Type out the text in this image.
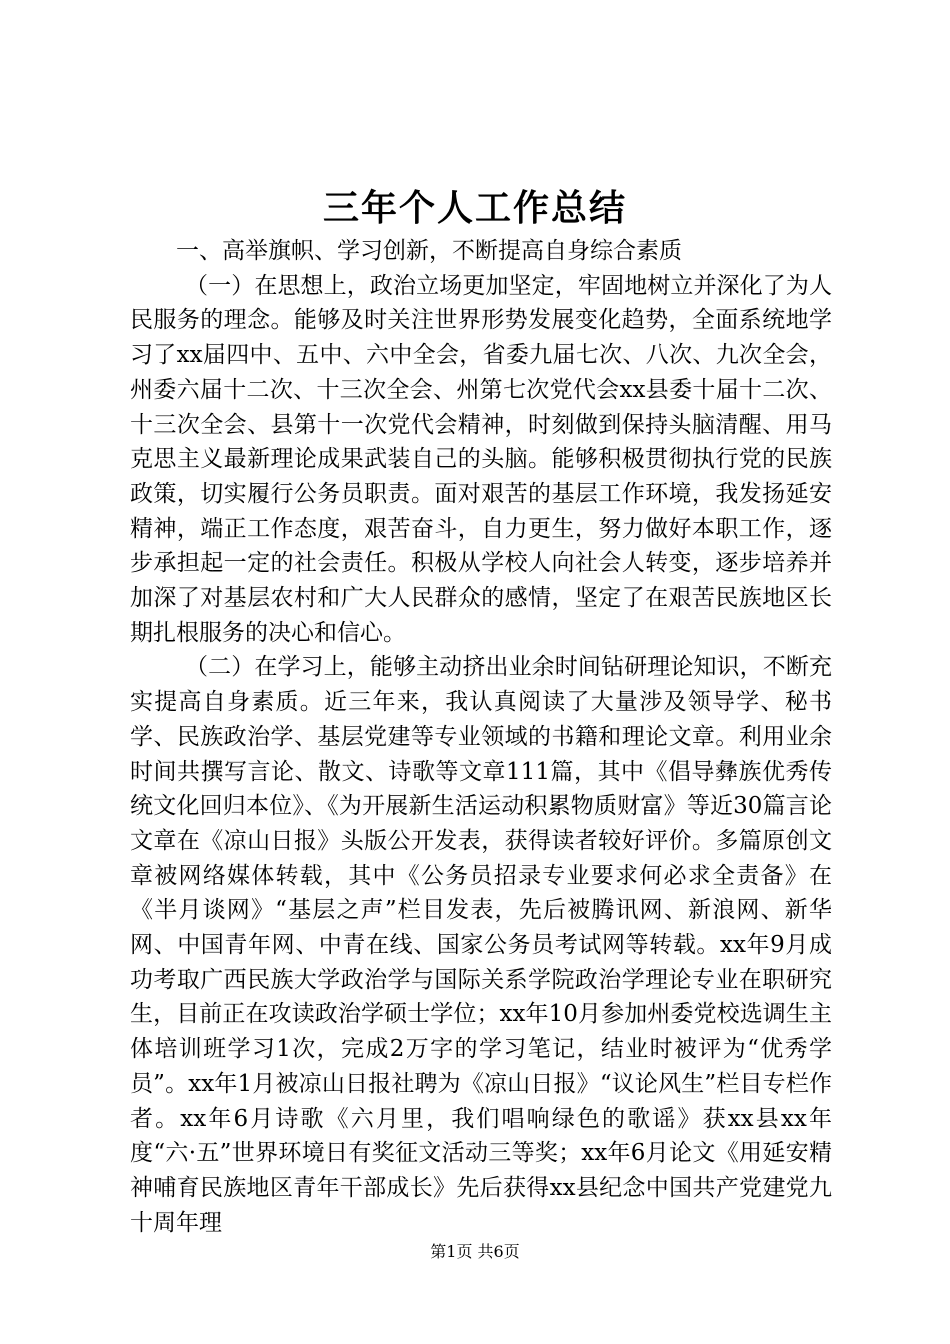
三年个人工作总结

一、高举旗帜、学习创新，不断提高自身综合素质

（一）在思想上，政治立场更加坚定，牢固地树立并深化了为人民服务的理念。能够及时关注世界形势发展变化趋势，全面系统地学习了xx届四中、五中、六中全会，省委九届七次、八次、九次全会，州委六届十二次、十三次全会、州第七次党代会xx县委十届十二次、十三次全会、县第十一次党代会精神，时刻做到保持头脑清醒、用马克思主义最新理论成果武装自己的头脑。能够积极贯彻执行党的民族政策，切实履行公务员职责。面对艰苦的基层工作环境，我发扬延安精神，端正工作态度，艰苦奋斗，自力更生，努力做好本职工作，逐步承担起一定的社会责任。积极从学校人向社会人转变，逐步培养并加深了对基层农村和广大人民群众的感情，坚定了在艰苦民族地区长期扎根服务的决心和信心。

（二）在学习上，能够主动挤出业余时间钻研理论知识，不断充实提高自身素质。近三年来，我认真阅读了大量涉及领导学、秘书学、民族政治学、基层党建等专业领域的书籍和理论文章。利用业余时间共撰写言论、散文、诗歌等文章111篇，其中《倡导彝族优秀传统文化回归本位》、《为开展新生活运动积累物质财富》等近30篇言论文章在《凉山日报》头版公开发表，获得读者较好评价。多篇原创文章被网络媒体转载，其中《公务员招录专业要求何必求全责备》在《半月谈网》“基层之声”栏目发表，先后被腾讯网、新浪网、新华网、中国青年网、中青在线、国家公务员考试网等转载。xx年9月成功考取广西民族大学政治学与国际关系学院政治学理论专业在职研究生，目前正在攻读政治学硕士学位；xx年10月参加州委党校选调生主体培训班学习1次，完成2万字的学习笔记，结业时被评为“优秀学员”。xx年1月被凉山日报社聘为《凉山日报》“议论风生”栏目专栏作者。xx年6月诗歌《六月里，我们唱响绿色的歌谣》获xx县xx年度“六·五”世界环境日有奖征文活动三等奖；xx年6月论文《用延安精神哺育民族地区青年干部成长》先后获得xx县纪念中国共产党建党九十周年理

第1页 共6页
